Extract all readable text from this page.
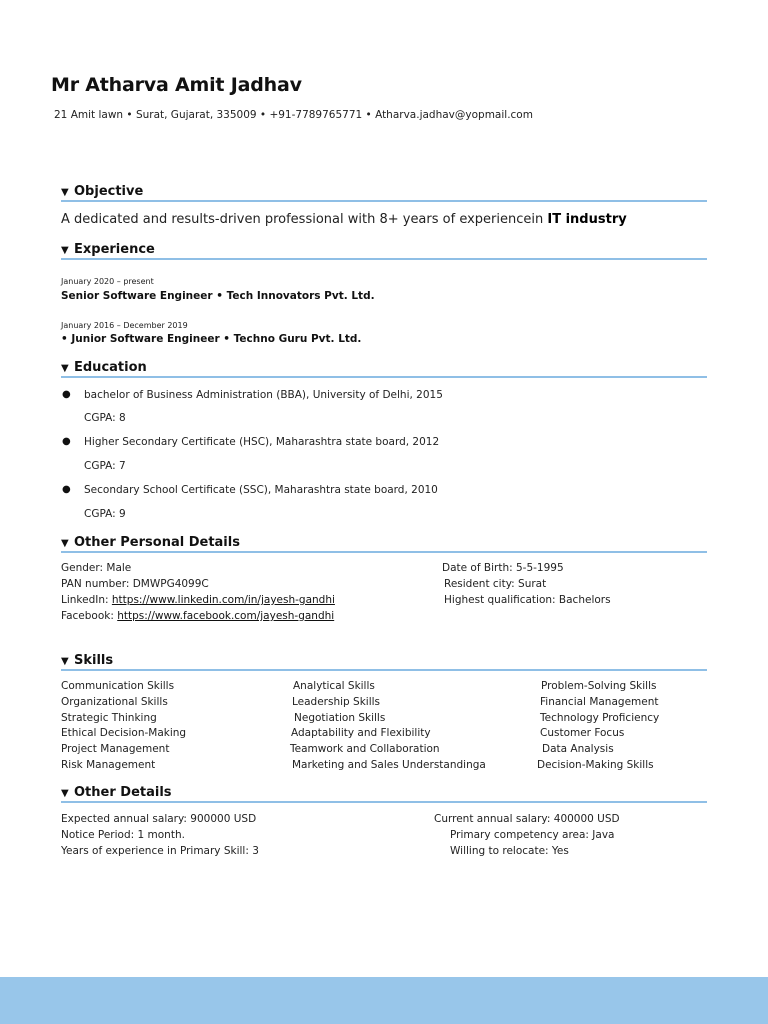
Mr Atharva Amit Jadhav
21 Amit lawn • Surat, Gujarat, 335009 • +91-7789765771 • Atharva.jadhav@yopmail.com
▼ Objective
A dedicated and results-driven professional with 8+ years of experiencein IT industry
▼ Experience
January 2020 – present
Senior Software Engineer • Tech Innovators Pvt. Ltd.
January 2016 – December 2019
• Junior Software Engineer • Techno Guru Pvt. Ltd.
▼ Education
● bachelor of Business Administration (BBA), University of Delhi, 2015
CGPA: 8
● Higher Secondary Certificate (HSC), Maharashtra state board, 2012
CGPA: 7
● Secondary School Certificate (SSC), Maharashtra state board, 2010
CGPA: 9
▼ Other Personal Details
Gender: Male
PAN number: DMWPG4099C
LinkedIn: https://www.linkedin.com/in/jayesh-gandhi
Facebook: https://www.facebook.com/jayesh-gandhi
Date of Birth: 5-5-1995
Resident city: Surat
Highest qualification: Bachelors
▼ Skills
Communication Skills
Organizational Skills
Strategic Thinking
Ethical Decision-Making
Project Management
Risk Management
Analytical Skills
Leadership Skills
Negotiation Skills
Adaptability and Flexibility
Teamwork and Collaboration
Marketing and Sales Understandinga
Problem-Solving Skills
Financial Management
Technology Proficiency
Customer Focus
Data Analysis
Decision-Making Skills
▼ Other Details
Expected annual salary: 900000 USD
Notice Period: 1 month.
Years of experience in Primary Skill: 3
Current annual salary: 400000 USD
Primary competency area: Java
Willing to relocate: Yes
